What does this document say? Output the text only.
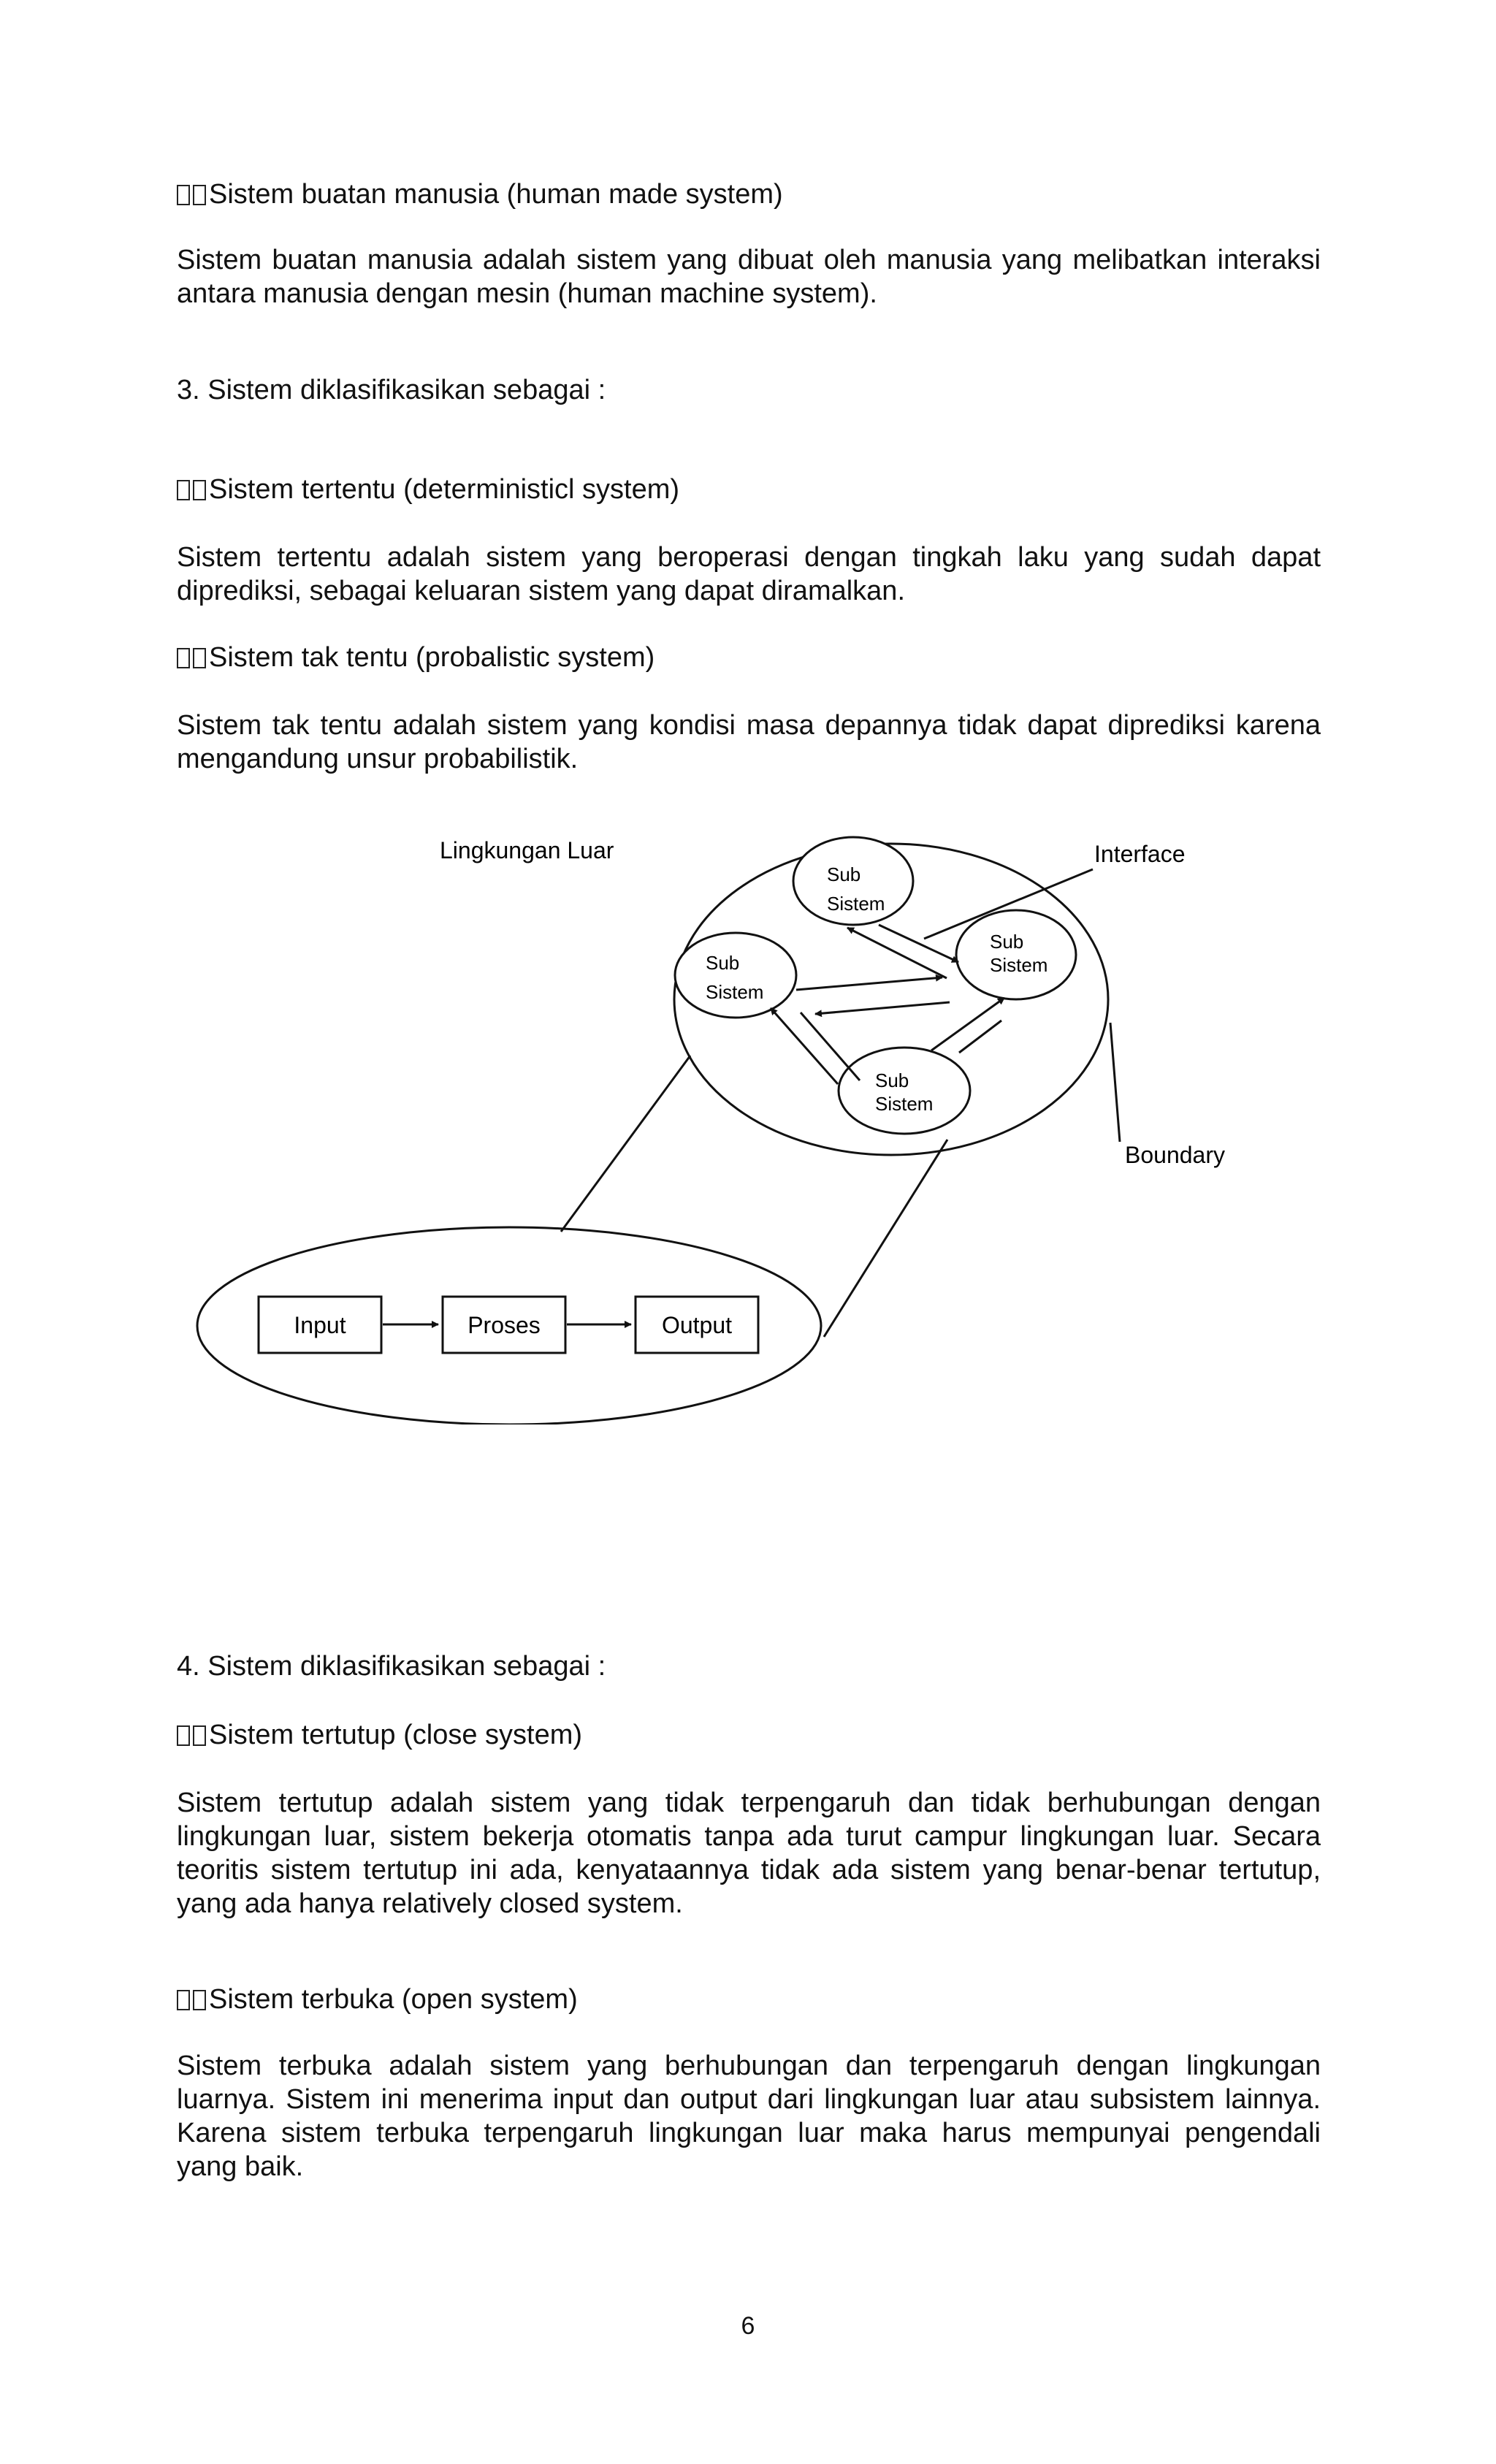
Sistem buatan manusia (human made system)

Sistem buatan manusia adalah sistem yang dibuat oleh manusia yang melibatkan interaksi antara manusia dengan mesin (human machine system).

3. Sistem diklasifikasikan sebagai :

Sistem tertentu (deterministicl system)

Sistem tertentu adalah sistem yang beroperasi dengan tingkah laku yang sudah dapat diprediksi, sebagai keluaran sistem yang dapat diramalkan.

Sistem tak tentu (probalistic system)

Sistem tak tentu adalah sistem yang kondisi masa depannya tidak dapat diprediksi karena mengandung unsur probabilistik.

Lingkungan Luar	Interface
Boundary
Sub
Sistem
Sub
Sistem
Sub
Sistem
Sub
Sistem
Input	Proses	Output

4. Sistem diklasifikasikan sebagai :

Sistem tertutup (close system)

Sistem tertutup adalah sistem yang tidak terpengaruh dan tidak berhubungan dengan lingkungan luar, sistem bekerja otomatis tanpa ada turut campur lingkungan luar. Secara teoritis sistem tertutup ini ada, kenyataannya tidak ada sistem yang benar-benar tertutup, yang ada hanya relatively closed system.

Sistem terbuka (open system)

Sistem terbuka adalah sistem yang berhubungan dan terpengaruh dengan lingkungan luarnya. Sistem ini menerima input dan output dari lingkungan luar atau subsistem lainnya. Karena sistem terbuka terpengaruh lingkungan luar maka harus mempunyai pengendali yang baik.

6
